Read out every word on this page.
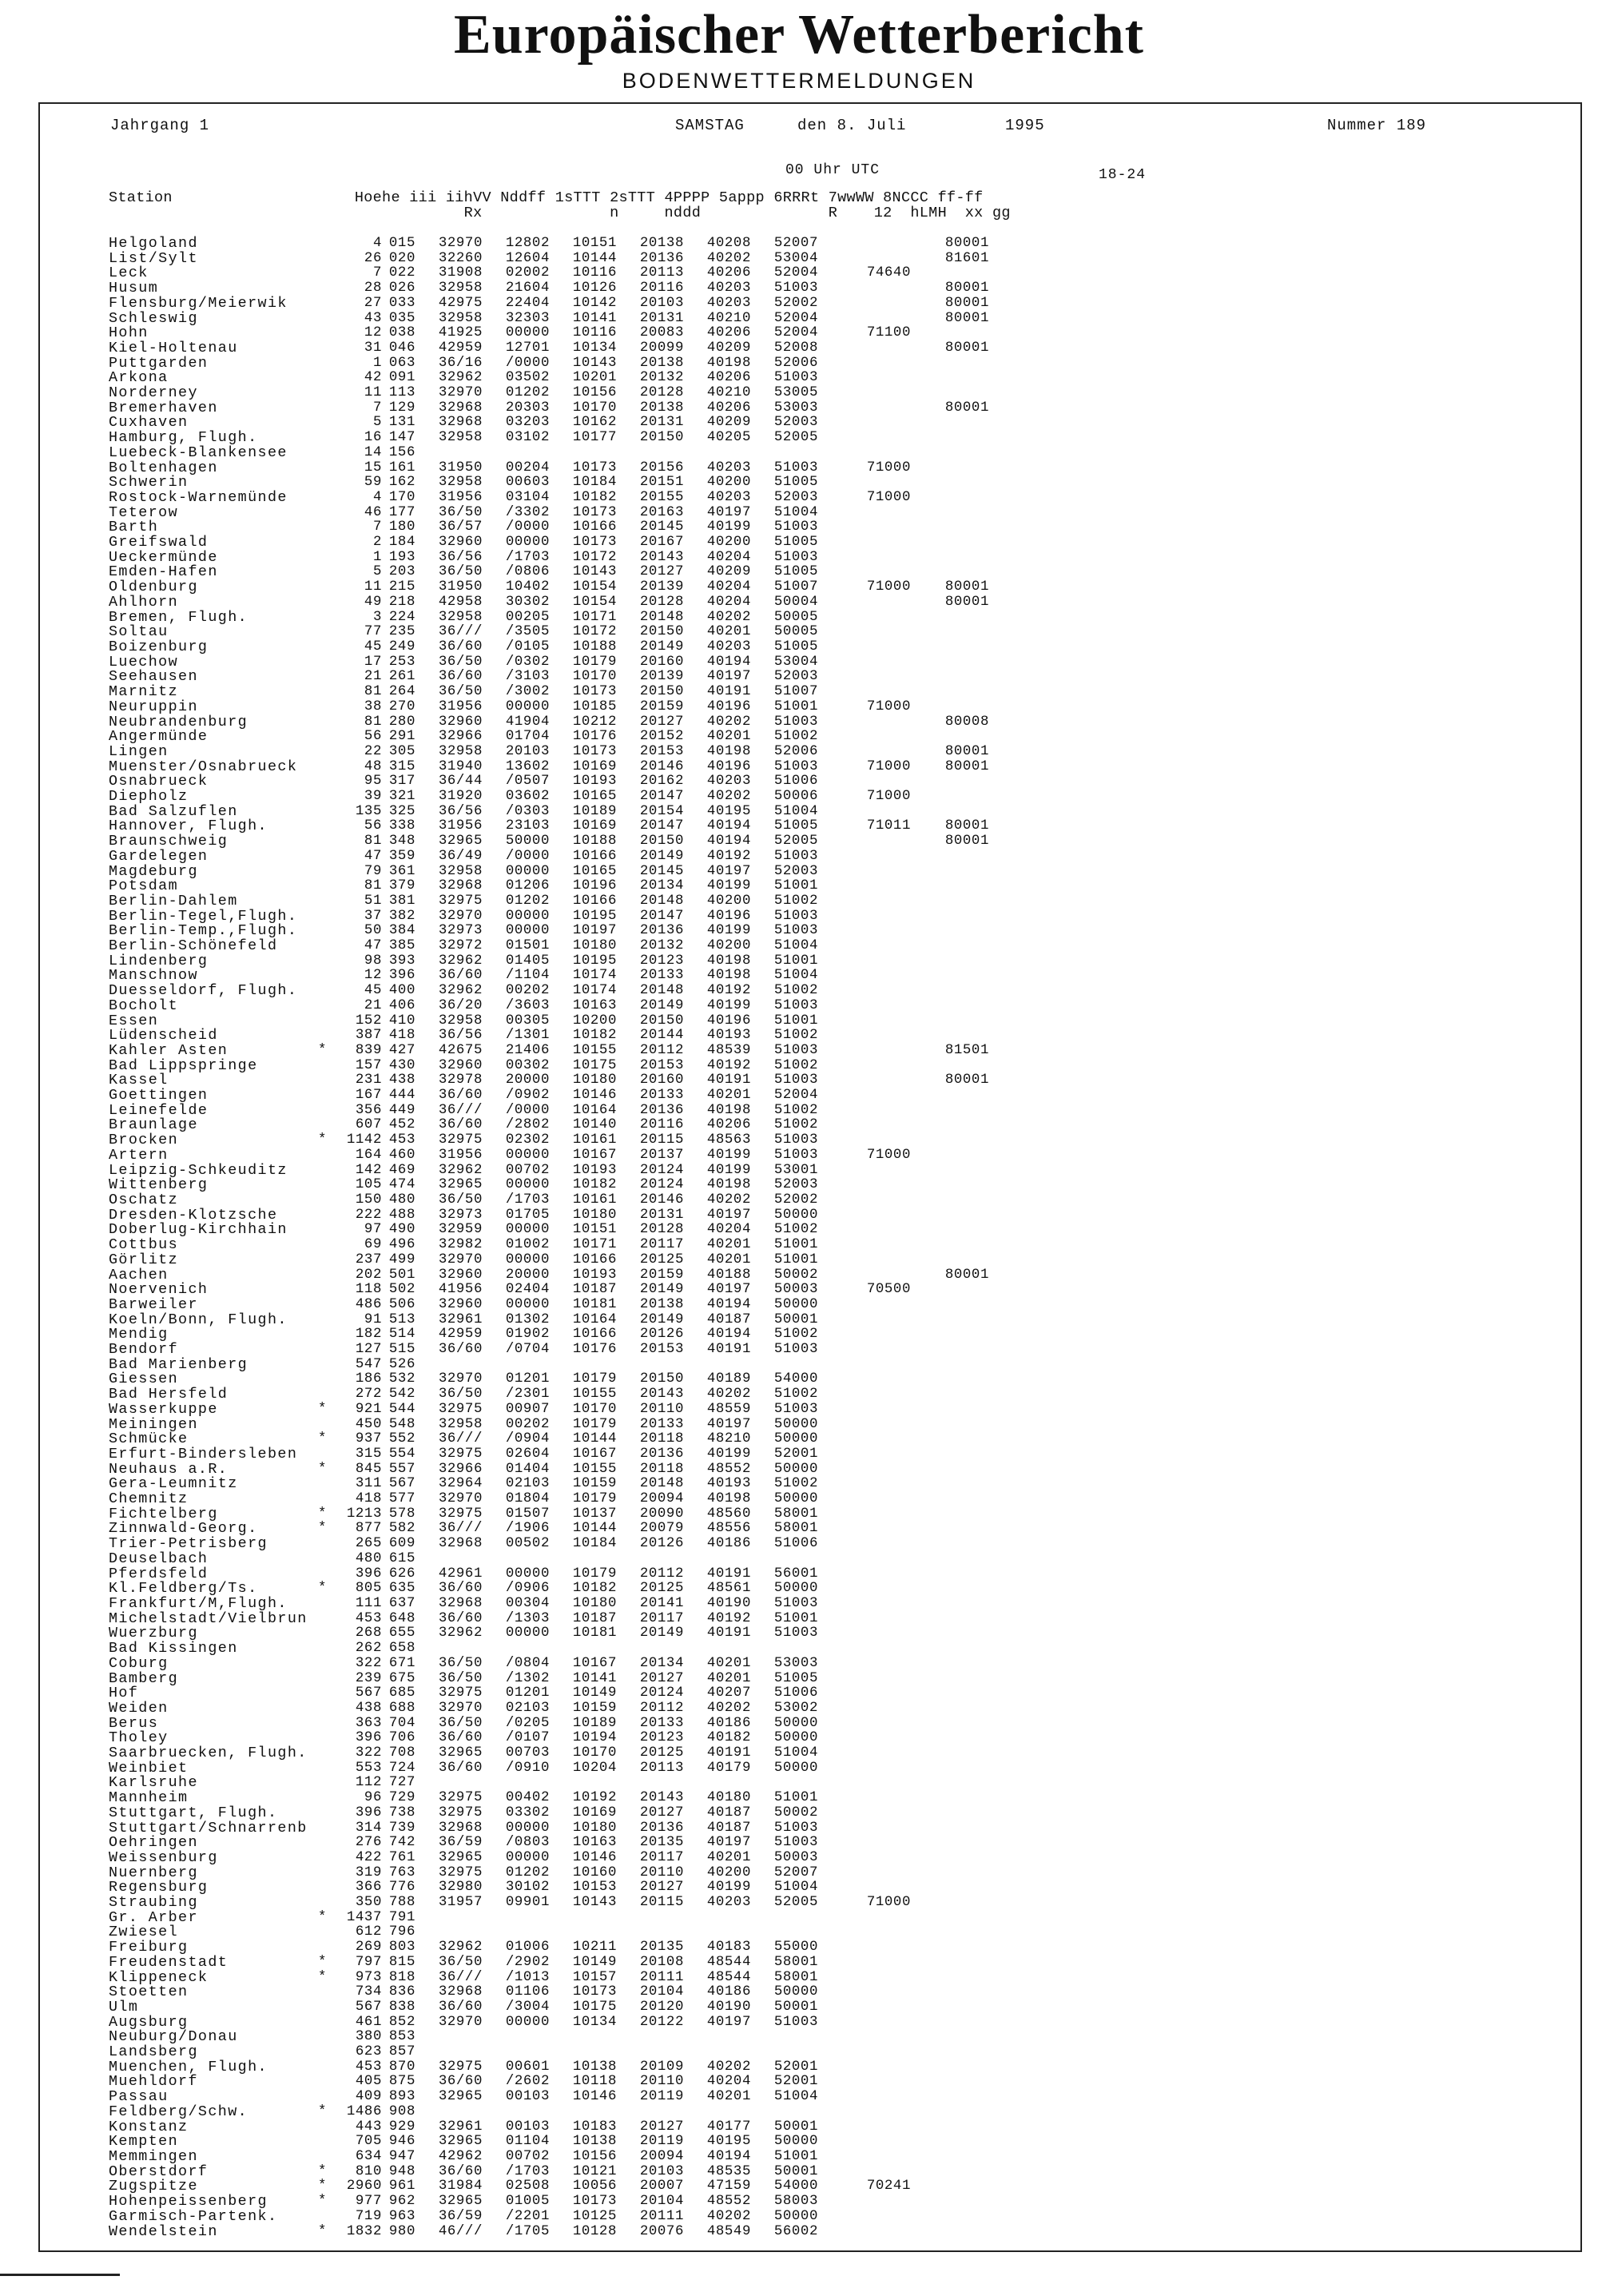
Europäischer Wetterbericht
BODENWETTERMELDUNGEN
Jahrgang 1	SAMSTAG	den 8. Juli	1995	Nummer 189
00 Uhr UTC	18-24
Station                    Hoehe iii iihVV Nddff 1sTTT 2sTTT 4PPPP 5appp 6RRRt 7wwWW 8NCCC ff-ff
Rx              n     nddd              R    12  hLMH  xx gg
Helgoland		4	015	32970	12802	10151	20138	40208	52007		80001
List/Sylt		26	020	32260	12604	10144	20136	40202	53004		81601
Leck		7	022	31908	02002	10116	20113	40206	52004	74640	
Husum		28	026	32958	21604	10126	20116	40203	51003		80001
Flensburg/Meierwik		27	033	42975	22404	10142	20103	40203	52002		80001
Schleswig		43	035	32958	32303	10141	20131	40210	52004		80001
Hohn		12	038	41925	00000	10116	20083	40206	52004	71100	
Kiel-Holtenau		31	046	42959	12701	10134	20099	40209	52008		80001
Puttgarden		1	063	36/16	/0000	10143	20138	40198	52006		
Arkona		42	091	32962	03502	10201	20132	40206	51003		
Norderney		11	113	32970	01202	10156	20128	40210	53005		
Bremerhaven		7	129	32968	20303	10170	20138	40206	53003		80001
Cuxhaven		5	131	32968	03203	10162	20131	40209	52003		
Hamburg, Flugh.		16	147	32958	03102	10177	20150	40205	52005		
Luebeck-Blankensee		14	156								
Boltenhagen		15	161	31950	00204	10173	20156	40203	51003	71000	
Schwerin		59	162	32958	00603	10184	20151	40200	51005		
Rostock-Warnemünde		4	170	31956	03104	10182	20155	40203	52003	71000	
Teterow		46	177	36/50	/3302	10173	20163	40197	51004		
Barth		7	180	36/57	/0000	10166	20145	40199	51003		
Greifswald		2	184	32960	00000	10173	20167	40200	51005		
Ueckermünde		1	193	36/56	/1703	10172	20143	40204	51003		
Emden-Hafen		5	203	36/50	/0806	10143	20127	40209	51005		
Oldenburg		11	215	31950	10402	10154	20139	40204	51007	71000	80001
Ahlhorn		49	218	42958	30302	10154	20128	40204	50004		80001
Bremen, Flugh.		3	224	32958	00205	10171	20148	40202	50005		
Soltau		77	235	36///	/3505	10172	20150	40201	50005		
Boizenburg		45	249	36/60	/0105	10188	20149	40203	51005		
Luechow		17	253	36/50	/0302	10179	20160	40194	53004		
Seehausen		21	261	36/60	/3103	10170	20139	40197	52003		
Marnitz		81	264	36/50	/3002	10173	20150	40191	51007		
Neuruppin		38	270	31956	00000	10185	20159	40196	51001	71000	
Neubrandenburg		81	280	32960	41904	10212	20127	40202	51003		80008
Angermünde		56	291	32966	01704	10176	20152	40201	51002		
Lingen		22	305	32958	20103	10173	20153	40198	52006		80001
Muenster/Osnabrueck		48	315	31940	13602	10169	20146	40196	51003	71000	80001
Osnabrueck		95	317	36/44	/0507	10193	20162	40203	51006		
Diepholz		39	321	31920	03602	10165	20147	40202	50006	71000	
Bad Salzuflen		135	325	36/56	/0303	10189	20154	40195	51004		
Hannover, Flugh.		56	338	31956	23103	10169	20147	40194	51005	71011	80001
Braunschweig		81	348	32965	50000	10188	20150	40194	52005		80001
Gardelegen		47	359	36/49	/0000	10166	20149	40192	51003		
Magdeburg		79	361	32958	00000	10165	20145	40197	52003		
Potsdam		81	379	32968	01206	10196	20134	40199	51001		
Berlin-Dahlem		51	381	32975	01202	10166	20148	40200	51002		
Berlin-Tegel,Flugh.		37	382	32970	00000	10195	20147	40196	51003		
Berlin-Temp.,Flugh.		50	384	32973	00000	10197	20136	40199	51003		
Berlin-Schönefeld		47	385	32972	01501	10180	20132	40200	51004		
Lindenberg		98	393	32962	01405	10195	20123	40198	51001		
Manschnow		12	396	36/60	/1104	10174	20133	40198	51004		
Duesseldorf, Flugh.		45	400	32962	00202	10174	20148	40192	51002		
Bocholt		21	406	36/20	/3603	10163	20149	40199	51003		
Essen		152	410	32958	00305	10200	20150	40196	51001		
Lüdenscheid		387	418	36/56	/1301	10182	20144	40193	51002		
Kahler Asten	*	839	427	42675	21406	10155	20112	48539	51003		81501
Bad Lippspringe		157	430	32960	00302	10175	20153	40192	51002		
Kassel		231	438	32978	20000	10180	20160	40191	51003		80001
Goettingen		167	444	36/60	/0902	10146	20133	40201	52004		
Leinefelde		356	449	36///	/0000	10164	20136	40198	51002		
Braunlage		607	452	36/60	/2802	10140	20116	40206	51002		
Brocken	*	1142	453	32975	02302	10161	20115	48563	51003		
Artern		164	460	31956	00000	10167	20137	40199	51003	71000	
Leipzig-Schkeuditz		142	469	32962	00702	10193	20124	40199	53001		
Wittenberg		105	474	32965	00000	10182	20124	40198	52003		
Oschatz		150	480	36/50	/1703	10161	20146	40202	52002		
Dresden-Klotzsche		222	488	32973	01705	10180	20131	40197	50000		
Doberlug-Kirchhain		97	490	32959	00000	10151	20128	40204	51002		
Cottbus		69	496	32982	01002	10171	20117	40201	51001		
Görlitz		237	499	32970	00000	10166	20125	40201	51001		
Aachen		202	501	32960	20000	10193	20159	40188	50002		80001
Noervenich		118	502	41956	02404	10187	20149	40197	50003	70500	
Barweiler		486	506	32960	00000	10181	20138	40194	50000		
Koeln/Bonn, Flugh.		91	513	32961	01302	10164	20149	40187	50001		
Mendig		182	514	42959	01902	10166	20126	40194	51002		
Bendorf		127	515	36/60	/0704	10176	20153	40191	51003		
Bad Marienberg		547	526								
Giessen		186	532	32970	01201	10179	20150	40189	54000		
Bad Hersfeld		272	542	36/50	/2301	10155	20143	40202	51002		
Wasserkuppe	*	921	544	32975	00907	10170	20110	48559	51003		
Meiningen		450	548	32958	00202	10179	20133	40197	50000		
Schmücke	*	937	552	36///	/0904	10144	20118	48210	50000		
Erfurt-Bindersleben		315	554	32975	02604	10167	20136	40199	52001		
Neuhaus a.R.	*	845	557	32966	01404	10155	20118	48552	50000		
Gera-Leumnitz		311	567	32964	02103	10159	20148	40193	51002		
Chemnitz		418	577	32970	01804	10179	20094	40198	50000		
Fichtelberg	*	1213	578	32975	01507	10137	20090	48560	58001		
Zinnwald-Georg.	*	877	582	36///	/1906	10144	20079	48556	58001		
Trier-Petrisberg		265	609	32968	00502	10184	20126	40186	51006		
Deuselbach		480	615								
Pferdsfeld		396	626	42961	00000	10179	20112	40191	56001		
Kl.Feldberg/Ts.	*	805	635	36/60	/0906	10182	20125	48561	50000		
Frankfurt/M,Flugh.		111	637	32968	00304	10180	20141	40190	51003		
Michelstadt/Vielbrun		453	648	36/60	/1303	10187	20117	40192	51001		
Wuerzburg		268	655	32962	00000	10181	20149	40191	51003		
Bad Kissingen		262	658								
Coburg		322	671	36/50	/0804	10167	20134	40201	53003		
Bamberg		239	675	36/50	/1302	10141	20127	40201	51005		
Hof		567	685	32975	01201	10149	20124	40207	51006		
Weiden		438	688	32970	02103	10159	20112	40202	53002		
Berus		363	704	36/50	/0205	10189	20133	40186	50000		
Tholey		396	706	36/60	/0107	10194	20123	40182	50000		
Saarbruecken, Flugh.		322	708	32965	00703	10170	20125	40191	51004		
Weinbiet		553	724	36/60	/0910	10204	20113	40179	50000		
Karlsruhe		112	727								
Mannheim		96	729	32975	00402	10192	20143	40180	51001		
Stuttgart, Flugh.		396	738	32975	03302	10169	20127	40187	50002		
Stuttgart/Schnarrenb		314	739	32968	00000	10180	20136	40187	51003		
Oehringen		276	742	36/59	/0803	10163	20135	40197	51003		
Weissenburg		422	761	32965	00000	10146	20117	40201	50003		
Nuernberg		319	763	32975	01202	10160	20110	40200	52007		
Regensburg		366	776	32980	30102	10153	20127	40199	51004		
Straubing		350	788	31957	09901	10143	20115	40203	52005	71000	
Gr. Arber	*	1437	791								
Zwiesel		612	796								
Freiburg		269	803	32962	01006	10211	20135	40183	55000		
Freudenstadt	*	797	815	36/50	/2902	10149	20108	48544	58001		
Klippeneck	*	973	818	36///	/1013	10157	20111	48544	58001		
Stoetten		734	836	32968	01106	10173	20104	40186	50000		
Ulm		567	838	36/60	/3004	10175	20120	40190	50001		
Augsburg		461	852	32970	00000	10134	20122	40197	51003		
Neuburg/Donau		380	853								
Landsberg		623	857								
Muenchen, Flugh.		453	870	32975	00601	10138	20109	40202	52001		
Muehldorf		405	875	36/60	/2602	10118	20110	40204	52001		
Passau		409	893	32965	00103	10146	20119	40201	51004		
Feldberg/Schw.	*	1486	908								
Konstanz		443	929	32961	00103	10183	20127	40177	50001		
Kempten		705	946	32965	01104	10138	20119	40195	50000		
Memmingen		634	947	42962	00702	10156	20094	40194	51001		
Oberstdorf	*	810	948	36/60	/1703	10121	20103	48535	50001		
Zugspitze	*	2960	961	31984	02508	10056	20007	47159	54000	70241	
Hohenpeissenberg	*	977	962	32965	01005	10173	20104	48552	58003		
Garmisch-Partenk.		719	963	36/59	/2201	10125	20111	40202	50000		
Wendelstein	*	1832	980	46///	/1705	10128	20076	48549	56002		
